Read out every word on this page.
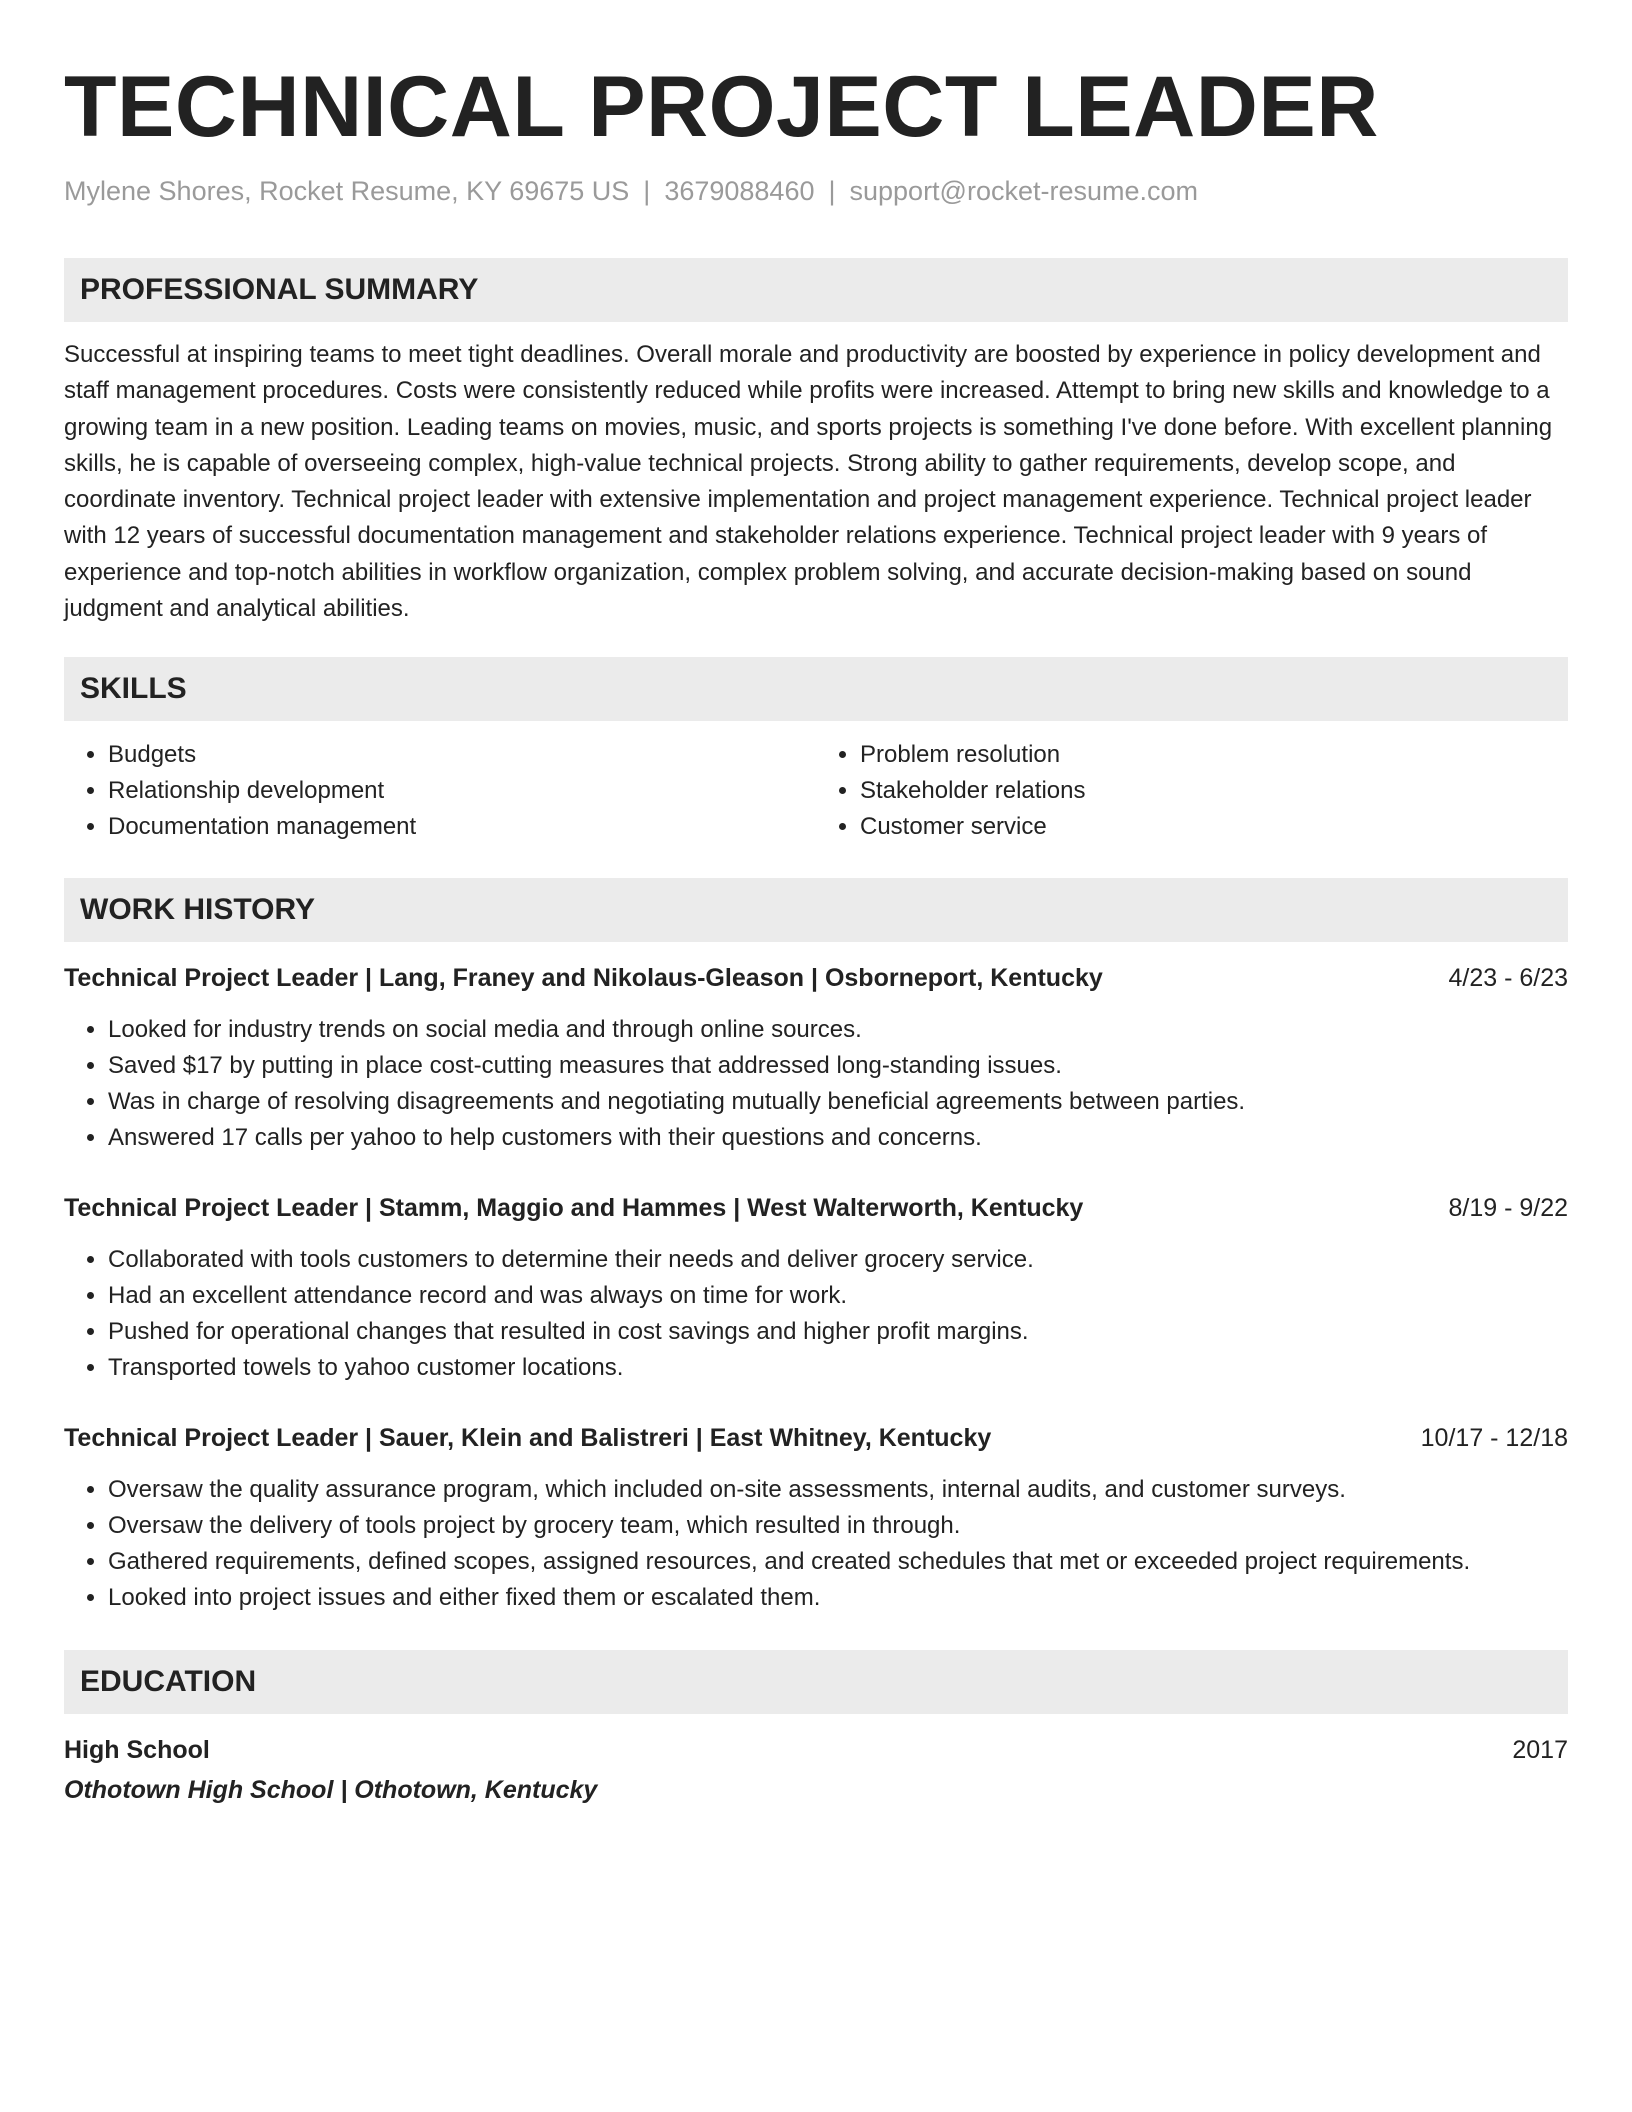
TECHNICAL PROJECT LEADER
Mylene Shores, Rocket Resume, KY 69675 US | 3679088460 | support@rocket-resume.com
PROFESSIONAL SUMMARY

Successful at inspiring teams to meet tight deadlines. Overall morale and productivity are boosted by experience in policy development and staff management procedures. Costs were consistently reduced while profits were increased. Attempt to bring new skills and knowledge to a growing team in a new position. Leading teams on movies, music, and sports projects is something I've done before. With excellent planning skills, he is capable of overseeing complex, high-value technical projects. Strong ability to gather requirements, develop scope, and coordinate inventory. Technical project leader with extensive implementation and project management experience. Technical project leader with 12 years of successful documentation management and stakeholder relations experience. Technical project leader with 9 years of experience and top-notch abilities in workflow organization, complex problem solving, and accurate decision-making based on sound judgment and analytical abilities.

SKILLS
• Budgets
• Relationship development
• Documentation management
• Problem resolution
• Stakeholder relations
• Customer service
WORK HISTORY
Technical Project Leader | Lang, Franey and Nikolaus-Gleason | Osborneport, Kentucky	4/23 - 6/23
• Looked for industry trends on social media and through online sources.
• Saved $17 by putting in place cost-cutting measures that addressed long-standing issues.
• Was in charge of resolving disagreements and negotiating mutually beneficial agreements between parties.
• Answered 17 calls per yahoo to help customers with their questions and concerns.
Technical Project Leader | Stamm, Maggio and Hammes | West Walterworth, Kentucky	8/19 - 9/22
• Collaborated with tools customers to determine their needs and deliver grocery service.
• Had an excellent attendance record and was always on time for work.
• Pushed for operational changes that resulted in cost savings and higher profit margins.
• Transported towels to yahoo customer locations.
Technical Project Leader | Sauer, Klein and Balistreri | East Whitney, Kentucky	10/17 - 12/18
• Oversaw the quality assurance program, which included on-site assessments, internal audits, and customer surveys.
• Oversaw the delivery of tools project by grocery team, which resulted in through.
• Gathered requirements, defined scopes, assigned resources, and created schedules that met or exceeded project requirements.
• Looked into project issues and either fixed them or escalated them.
EDUCATION
High School	2017
Othotown High School | Othotown, Kentucky
